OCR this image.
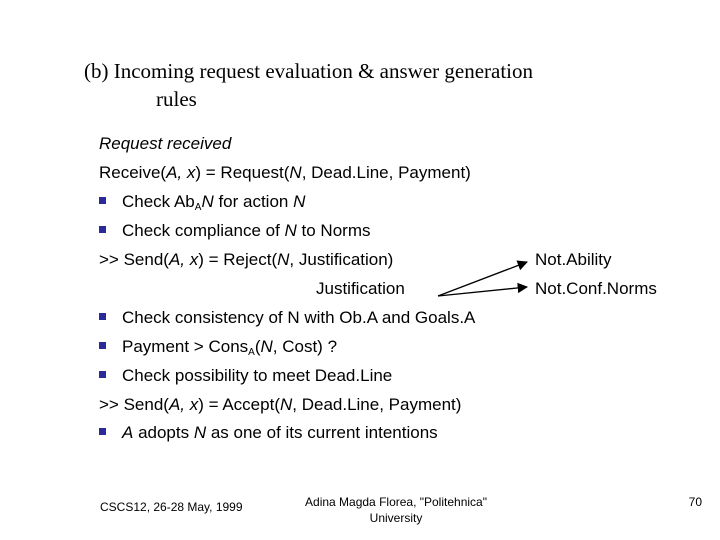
(b) Incoming request evaluation & answer generation
rules
Request received
Receive(A, x) = Request(N, Dead.Line, Payment)
Check $Ab_AN$ for action N
Check compliance of N to Norms
>> Send(A, x) = Reject(N, Justification)	Not.Ability
Justification	Not.Conf.Norms
Check consistency of N with Ob.A and Goals.A
Payment > Cons$_A$(N, Cost) ?
Check possibility to meet Dead.Line
>> Send(A, x) = Accept(N, Dead.Line, Payment)
A adopts N as one of its current intentions
CSCS12, 26-28 May, 1999	Adina Magda Florea, "Politehnica" University
70
